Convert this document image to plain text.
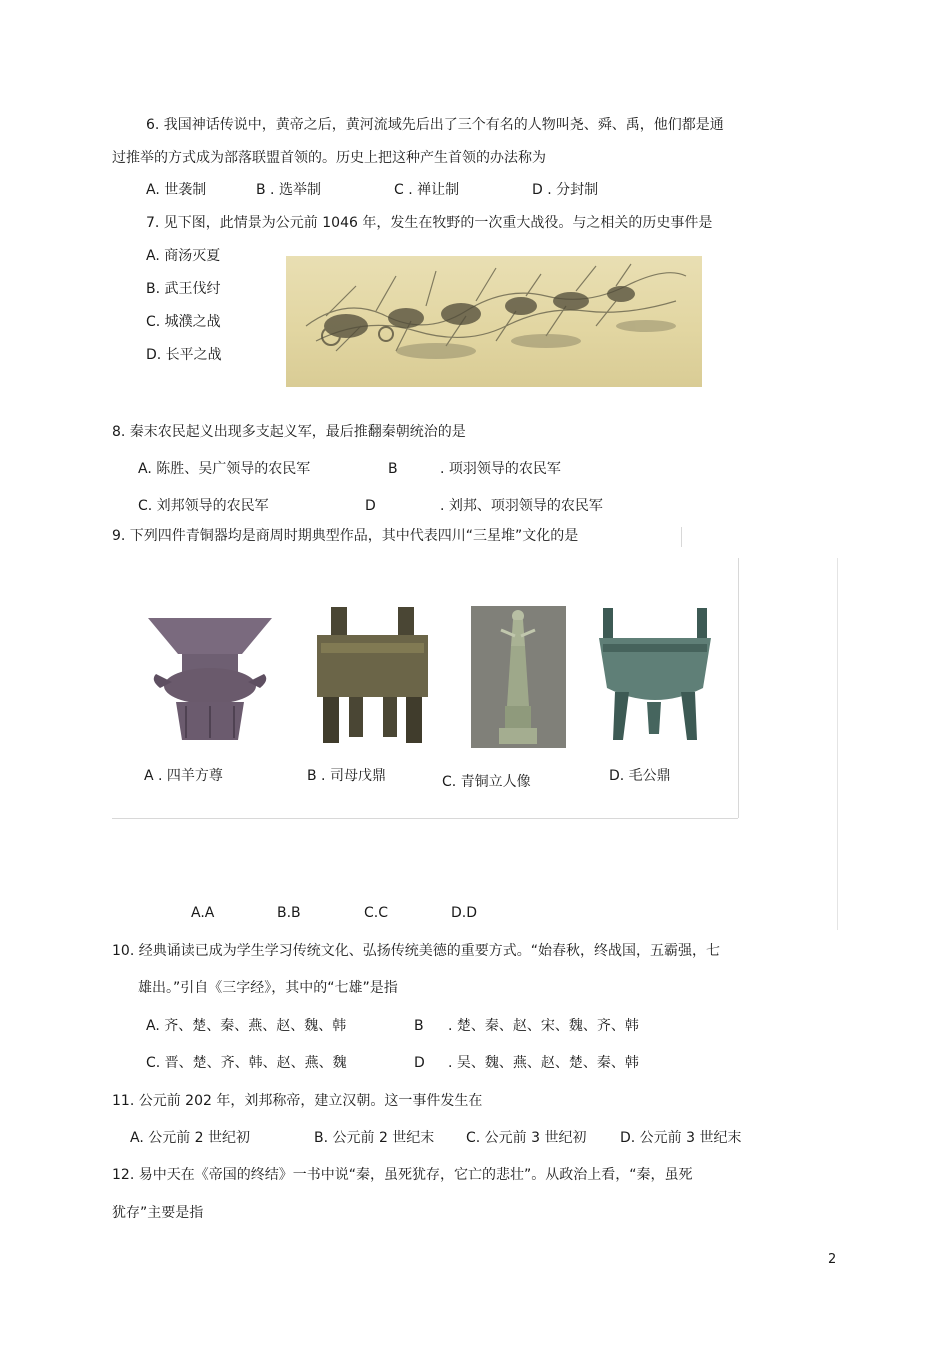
6. 我国神话传说中，黄帝之后，黄河流域先后出了三个有名的人物叫尧、舜、禹，他们都是通
过推举的方式成为部落联盟首领的。历史上把这种产生首领的办法称为
A. 世袭制	B . 选举制	C . 禅让制	D . 分封制
7. 见下图，此情景为公元前 1046 年，发生在牧野的一次重大战役。与之相关的历史事件是
A. 商汤灭夏
B. 武王伐纣
C. 城濮之战
D. 长平之战
8. 秦末农民起义出现多支起义军，最后推翻秦朝统治的是
A. 陈胜、吴广领导的农民军	B	. 项羽领导的农民军
C. 刘邦领导的农民军	D	. 刘邦、项羽领导的农民军
9. 下列四件青铜器均是商周时期典型作品，其中代表四川“三星堆”文化的是
A . 四羊方尊	B . 司母戊鼎	C. 青铜立人像	D. 毛公鼎
A.A	B.B	C.C	D.D
10. 经典诵读已成为学生学习传统文化、弘扬传统美德的重要方式。“始春秋，终战国，五霸强，七
雄出。”引自《三字经》，其中的“七雄”是指
A. 齐、楚、秦、燕、赵、魏、韩	B . 楚、秦、赵、宋、魏、齐、韩
C. 晋、楚、齐、韩、赵、燕、魏	D . 吴、魏、燕、赵、楚、秦、韩
11. 公元前 202 年，刘邦称帝，建立汉朝。这一事件发生在
A. 公元前 2 世纪初	B. 公元前 2 世纪末 C. 公元前 3 世纪初 D. 公元前 3 世纪末
12. 易中天在《帝国的终结》一书中说“秦，虽死犹存，它亡的悲壮”。从政治上看，“秦，虽死
犹存”主要是指
2
